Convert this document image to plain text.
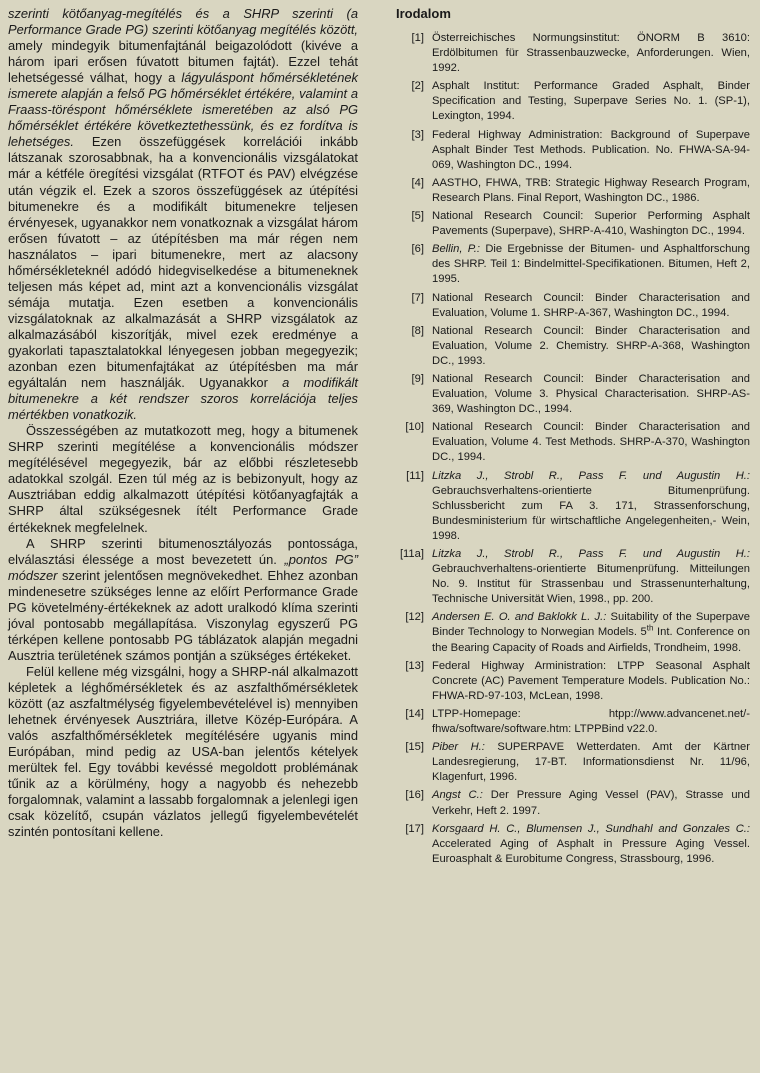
szerinti kötőanyag-megítélés és a SHRP szerinti (a Performance Grade PG) szerinti kötőanyag megítélés között, amely mindegyik bitumenfajtánál beigazolódott (kivéve a három ipari erősen fúvatott bitumen fajtát). Ezzel tehát lehetségessé válhat, hogy a lágyuláspont hőmérsékletének ismerete alapján a felső PG hőmérséklet értékére, valamint a Fraass-töréspont hőmérséklete ismeretében az alsó PG hőmérséklet értékére következtethessünk, és ez fordítva is lehetséges. Ezen összefüggések korrelációi inkább látszanak szorosabbnak, ha a konvencionális vizsgálatokat már a kétféle öregítési vizsgálat (RTFOT és PAV) elvégzése után végzik el. Ezek a szoros összefüggések az útépítési bitumenekre és a modifikált bitumenekre teljesen érvényesek, ugyanakkor nem vonatkoznak a vizsgálat három erősen fúvatott – az útépítésben ma már régen nem használatos – ipari bitumenekre, mert az alacsony hőmérsékleteknél adódó hidegviselkedése a bitumeneknek teljesen más képet ad, mint azt a konvencionális vizsgálat sémája mutatja. Ezen esetben a konvencionális vizsgálatoknak az alkalmazását a SHRP vizsgálatok az alkalmazásából kiszorítják, mivel ezek eredménye a gyakorlati tapasztalatokkal lényegesen jobban megegyezik; azonban ezen bitumenfajtákat az útépítésben ma már egyáltalán nem használják. Ugyanakkor a modifikált bitumenekre a két rendszer szoros korrelációja teljes mértékben vonatkozik.

Összességében az mutatkozott meg, hogy a bitumenek SHRP szerinti megítélése a konvencionális módszer megítélésével megegyezik, bár az előbbi részletesebb adatokkal szolgál. Ezen túl még az is bebizonyult, hogy az Ausztriában eddig alkalmazott útépítési kötőanyagfajták a SHRP által szükségesnek ítélt Performance Grade értékeknek megfelelnek.

A SHRP szerinti bitumenosztályozás pontossága, elválasztási élessége a most bevezetett ún. „pontos PG” módszer szerint jelentősen megnövekedhet. Ehhez azonban mindenesetre szükséges lenne az előírt Performance Grade PG követelmény-értékeknek az adott uralkodó klíma szerinti jóval pontosabb megállapítása. Viszonylag egyszerű PG térképen kellene pontosabb PG táblázatok alapján megadni Ausztria területének számos pontján a szükséges értékeket.

Felül kellene még vizsgálni, hogy a SHRP-nál alkalmazott képletek a léghőmérsékletek és az aszfalthőmérsékletek között (az aszfaltmélység figyelembevételével is) mennyiben lehetnek érvényesek Ausztriára, illetve Közép-Európára. A valós aszfalthőmérsékletek megítélésére ugyanis mind Európában, mind pedig az USA-ban jelentős kételyek merültek fel. Egy további kevéssé megoldott problémának tűnik az a körülmény, hogy a nagyobb és nehezebb forgalomnak, valamint a lassabb forgalomnak a jelenlegi igen csak közelítő, csupán vázlatos jellegű figyelembevételét szintén pontosítani kellene.

Irodalom
[1] Österreichisches Normungsinstitut: ÖNORM B 3610: Erdölbitumen für Strassenbauzwecke, Anforderungen. Wien, 1992.
[2] Asphalt Institut: Performance Graded Asphalt, Binder Specification and Testing, Superpave Series No. 1. (SP-1), Lexington, 1994.
[3] Federal Highway Administration: Background of Superpave Asphalt Binder Test Methods. Publication. No. FHWA-SA-94-069, Washington DC., 1994.
[4] AASTHO, FHWA, TRB: Strategic Highway Research Program, Research Plans. Final Report, Washington DC., 1986.
[5] National Research Council: Superior Performing Asphalt Pavements (Superpave), SHRP-A-410, Washington DC., 1994.
[6] Bellin, P.: Die Ergebnisse der Bitumen- und Asphaltforschung des SHRP. Teil 1: Bindelmittel-Specifikationen. Bitumen, Heft 2, 1995.
[7] National Research Council: Binder Characterisation and Evaluation, Volume 1. SHRP-A-367, Washington DC., 1994.
[8] National Research Council: Binder Characterisation and Evaluation, Volume 2. Chemistry. SHRP-A-368, Washington DC., 1993.
[9] National Research Council: Binder Characterisation and Evaluation, Volume 3. Physical Characterisation. SHRP-AS-369, Washington DC., 1994.
[10] National Research Council: Binder Characterisation and Evaluation, Volume 4. Test Methods. SHRP-A-370, Washington DC., 1994.
[11] Litzka J., Strobl R., Pass F. und Augustin H.: Gebrauchsverhaltens-orientierte Bitumenprüfung. Schlussbericht zum FA 3. 171, Strassenforschung, Bundesministerium für wirtschaftliche Angelegenheiten,- Wein, 1998.
[11a] Litzka J., Strobl R., Pass F. und Augustin H.: Gebrauchverhaltens-orientierte Bitumenprüfung. Mitteilungen No. 9. Institut für Strassenbau und Strassenunterhaltung, Technische Universität Wien, 1998., pp. 200.
[12] Andersen E. O. and Baklokk L. J.: Suitability of the Superpave Binder Technology to Norwegian Models. 5th Int. Conference on the Bearing Capacity of Roads and Airfields, Trondheim, 1998.
[13] Federal Highway Arministration: LTPP Seasonal Asphalt Concrete (AC) Pavement Temperature Models. Publication No.: FHWA-RD-97-103, McLean, 1998.
[14] LTPP-Homepage: htpp://www.advancenet.net/-fhwa/software/software.htm: LTPPBind v22.0.
[15] Piber H.: SUPERPAVE Wetterdaten. Amt der Kärtner Landesregierung, 17-BT. Informationsdienst Nr. 11/96, Klagenfurt, 1996.
[16] Angst C.: Der Pressure Aging Vessel (PAV), Strasse und Verkehr, Heft 2. 1997.
[17] Korsgaard H. C., Blumensen J., Sundhahl and Gonzales C.: Accelerated Aging of Asphalt in Pressure Aging Vessel. Euroasphalt & Eurobitume Congress, Strassbourg, 1996.
